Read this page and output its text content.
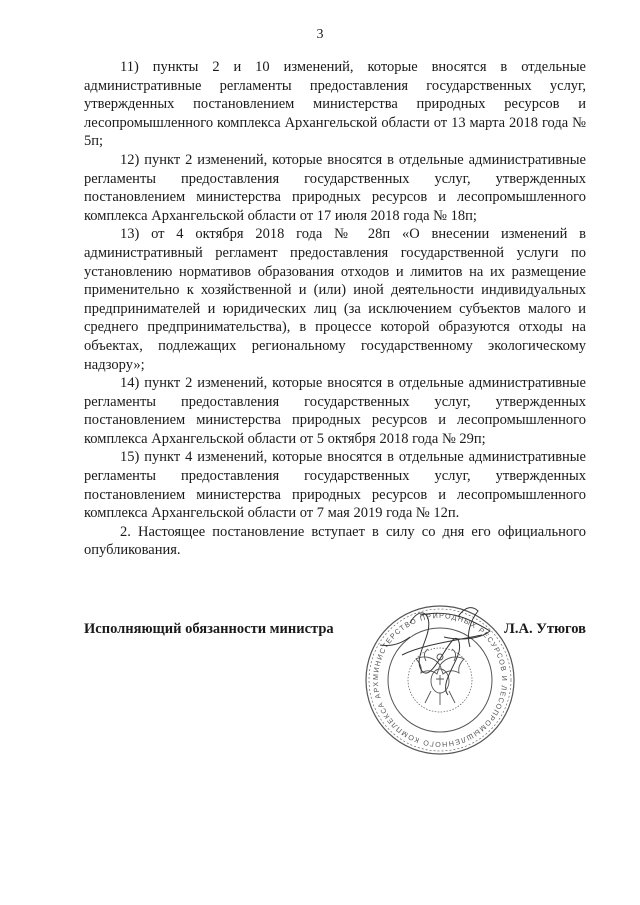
3

11) пункты 2 и 10 изменений, которые вносятся в отдельные административные регламенты предоставления государственных услуг, утвержденных постановлением министерства природных ресурсов и лесопромышленного комплекса Архангельской области от 13 марта 2018 года № 5п;

12) пункт 2 изменений, которые вносятся в отдельные административные регламенты предоставления государственных услуг, утвержденных постановлением министерства природных ресурсов и лесопромышленного комплекса Архангельской области от 17 июля 2018 года № 18п;

13) от 4 октября 2018 года № 28п «О внесении изменений в административный регламент предоставления государственной услуги по установлению нормативов образования отходов и лимитов на их размещение применительно к хозяйственной и (или) иной деятельности индивидуальных предпринимателей и юридических лиц (за исключением субъектов малого и среднего предпринимательства), в процессе которой образуются отходы на объектах, подлежащих региональному государственному экологическому надзору»;

14) пункт 2 изменений, которые вносятся в отдельные административные регламенты предоставления государственных услуг, утвержденных постановлением министерства природных ресурсов и лесопромышленного комплекса Архангельской области от 5 октября 2018 года № 29п;

15) пункт 4 изменений, которые вносятся в отдельные административные регламенты предоставления государственных услуг, утвержденных постановлением министерства природных ресурсов и лесопромышленного комплекса Архангельской области от 7 мая 2019 года № 12п.

2. Настоящее постановление вступает в силу со дня его официального опубликования.

Исполняющий обязанности министра	Л.А. Утюгов
МИНИСТЕРСТВО ПРИРОДНЫХ РЕСУРСОВ И ЛЕСОПРОМЫШЛЕННОГО КОМПЛЕКСА АРХАНГЕЛЬСКОЙ ОБЛАСТИ
